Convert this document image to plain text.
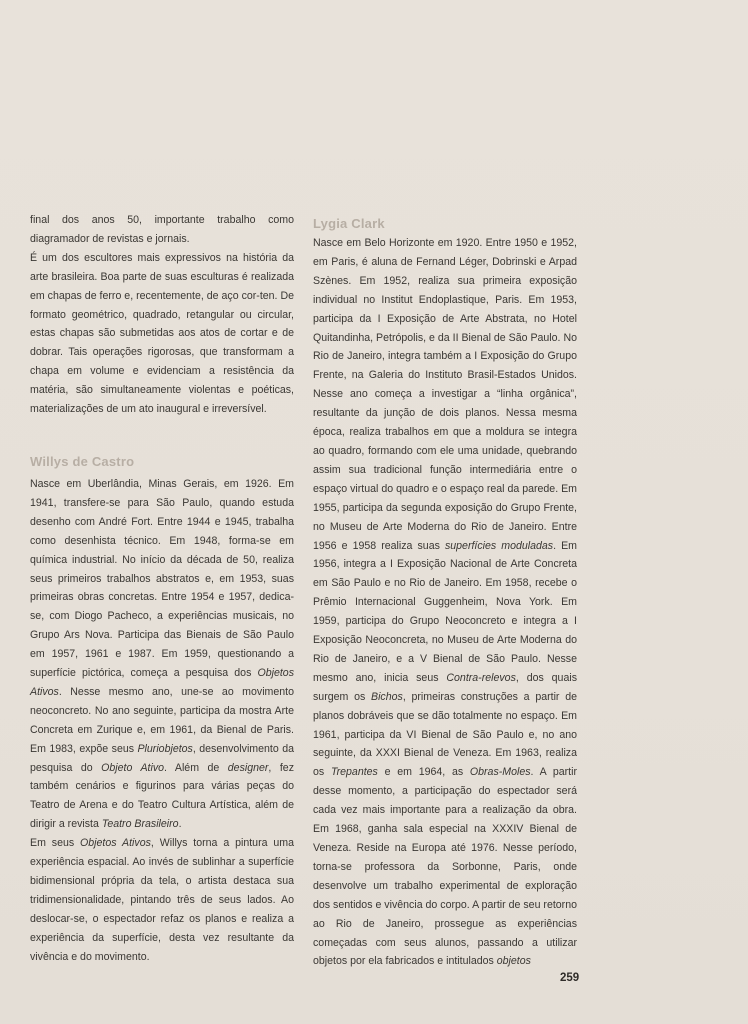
final dos anos 50, importante trabalho como diagramador de revistas e jornais.

É um dos escultores mais expressivos na história da arte brasileira. Boa parte de suas esculturas é realizada em chapas de ferro e, recentemente, de aço cor-ten. De formato geométrico, quadrado, retangular ou circular, estas chapas são submetidas aos atos de cortar e de dobrar. Tais operações rigorosas, que transformam a chapa em volume e evidenciam a resistência da matéria, são simultaneamente violentas e poéticas, materializações de um ato inaugural e irreversível.

Willys de Castro

Nasce em Uberlândia, Minas Gerais, em 1926. Em 1941, transfere-se para São Paulo, quando estuda desenho com André Fort. Entre 1944 e 1945, trabalha como desenhista técnico. Em 1948, forma-se em química industrial. No início da década de 50, realiza seus primeiros trabalhos abstratos e, em 1953, suas primeiras obras concretas. Entre 1954 e 1957, dedica-se, com Diogo Pacheco, a experiências musicais, no Grupo Ars Nova. Participa das Bienais de São Paulo em 1957, 1961 e 1987. Em 1959, questionando a superfície pictórica, começa a pesquisa dos Objetos Ativos. Nesse mesmo ano, une-se ao movimento neoconcreto. No ano seguinte, participa da mostra Arte Concreta em Zurique e, em 1961, da Bienal de Paris. Em 1983, expõe seus Pluriobjetos, desenvolvimento da pesquisa do Objeto Ativo. Além de designer, fez também cenários e figurinos para várias peças do Teatro de Arena e do Teatro Cultura Artística, além de dirigir a revista Teatro Brasileiro.

Em seus Objetos Ativos, Willys torna a pintura uma experiência espacial. Ao invés de sublinhar a superfície bidimensional própria da tela, o artista destaca sua tridimensionalidade, pintando três de seus lados. Ao deslocar-se, o espectador refaz os planos e realiza a experiência da superfície, desta vez resultante da vivência e do movimento.

Lygia Clark

Nasce em Belo Horizonte em 1920. Entre 1950 e 1952, em Paris, é aluna de Fernand Léger, Dobrinski e Arpad Szènes. Em 1952, realiza sua primeira exposição individual no Institut Endoplastique, Paris. Em 1953, participa da I Exposição de Arte Abstrata, no Hotel Quitandinha, Petrópolis, e da II Bienal de São Paulo. No Rio de Janeiro, integra também a I Exposição do Grupo Frente, na Galeria do Instituto Brasil-Estados Unidos. Nesse ano começa a investigar a “linha orgânica”, resultante da junção de dois planos. Nessa mesma época, realiza trabalhos em que a moldura se integra ao quadro, formando com ele uma unidade, quebrando assim sua tradicional função intermediária entre o espaço virtual do quadro e o espaço real da parede. Em 1955, participa da segunda exposição do Grupo Frente, no Museu de Arte Moderna do Rio de Janeiro. Entre 1956 e 1958 realiza suas superfícies moduladas. Em 1956, integra a I Exposição Nacional de Arte Concreta em São Paulo e no Rio de Janeiro. Em 1958, recebe o Prêmio Internacional Guggenheim, Nova York. Em 1959, participa do Grupo Neoconcreto e integra a I Exposição Neoconcreta, no Museu de Arte Moderna do Rio de Janeiro, e a V Bienal de São Paulo. Nesse mesmo ano, inicia seus Contra-relevos, dos quais surgem os Bichos, primeiras construções a partir de planos dobráveis que se dão totalmente no espaço. Em 1961, participa da VI Bienal de São Paulo e, no ano seguinte, da XXXI Bienal de Veneza. Em 1963, realiza os Trepantes e em 1964, as Obras-Moles. A partir desse momento, a participação do espectador será cada vez mais importante para a realização da obra. Em 1968, ganha sala especial na XXXIV Bienal de Veneza. Reside na Europa até 1976. Nesse período, torna-se professora da Sorbonne, Paris, onde desenvolve um trabalho experimental de exploração dos sentidos e vivência do corpo. A partir de seu retorno ao Rio de Janeiro, prossegue as experiências começadas com seus alunos, passando a utilizar objetos por ela fabricados e intitulados objetos

259
